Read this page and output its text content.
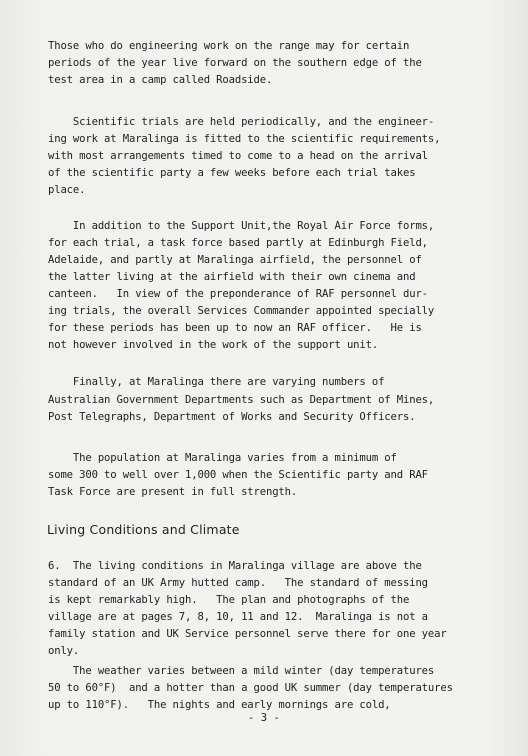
Those who do engineering work on the range may for certain
periods of the year live forward on the southern edge of the
test area in a camp called Roadside.
Scientific trials are held periodically, and the engineer-
ing work at Maralinga is fitted to the scientific requirements,
with most arrangements timed to come to a head on the arrival
of the scientific party a few weeks before each trial takes
place.
In addition to the Support Unit,the Royal Air Force forms,
for each trial, a task force based partly at Edinburgh Field,
Adelaide, and partly at Maralinga airfield, the personnel of
the latter living at the airfield with their own cinema and
canteen.   In view of the preponderance of RAF personnel dur-
ing trials, the overall Services Commander appointed specially
for these periods has been up to now an RAF officer.   He is
not however involved in the work of the support unit.
Finally, at Maralinga there are varying numbers of
Australian Government Departments such as Department of Mines,
Post Telegraphs, Department of Works and Security Officers.
The population at Maralinga varies from a minimum of
some 300 to well over 1,000 when the Scientific party and RAF
Task Force are present in full strength.
Living Conditions and Climate
6.  The living conditions in Maralinga village are above the
standard of an UK Army hutted camp.   The standard of messing
is kept remarkably high.   The plan and photographs of the
village are at pages 7, 8, 10, 11 and 12.  Maralinga is not a
family station and UK Service personnel serve there for one year
only.
The weather varies between a mild winter (day temperatures
50 to 60°F)  and a hotter than a good UK summer (day temperatures
up to 110°F).   The nights and early mornings are cold,
- 3 -
